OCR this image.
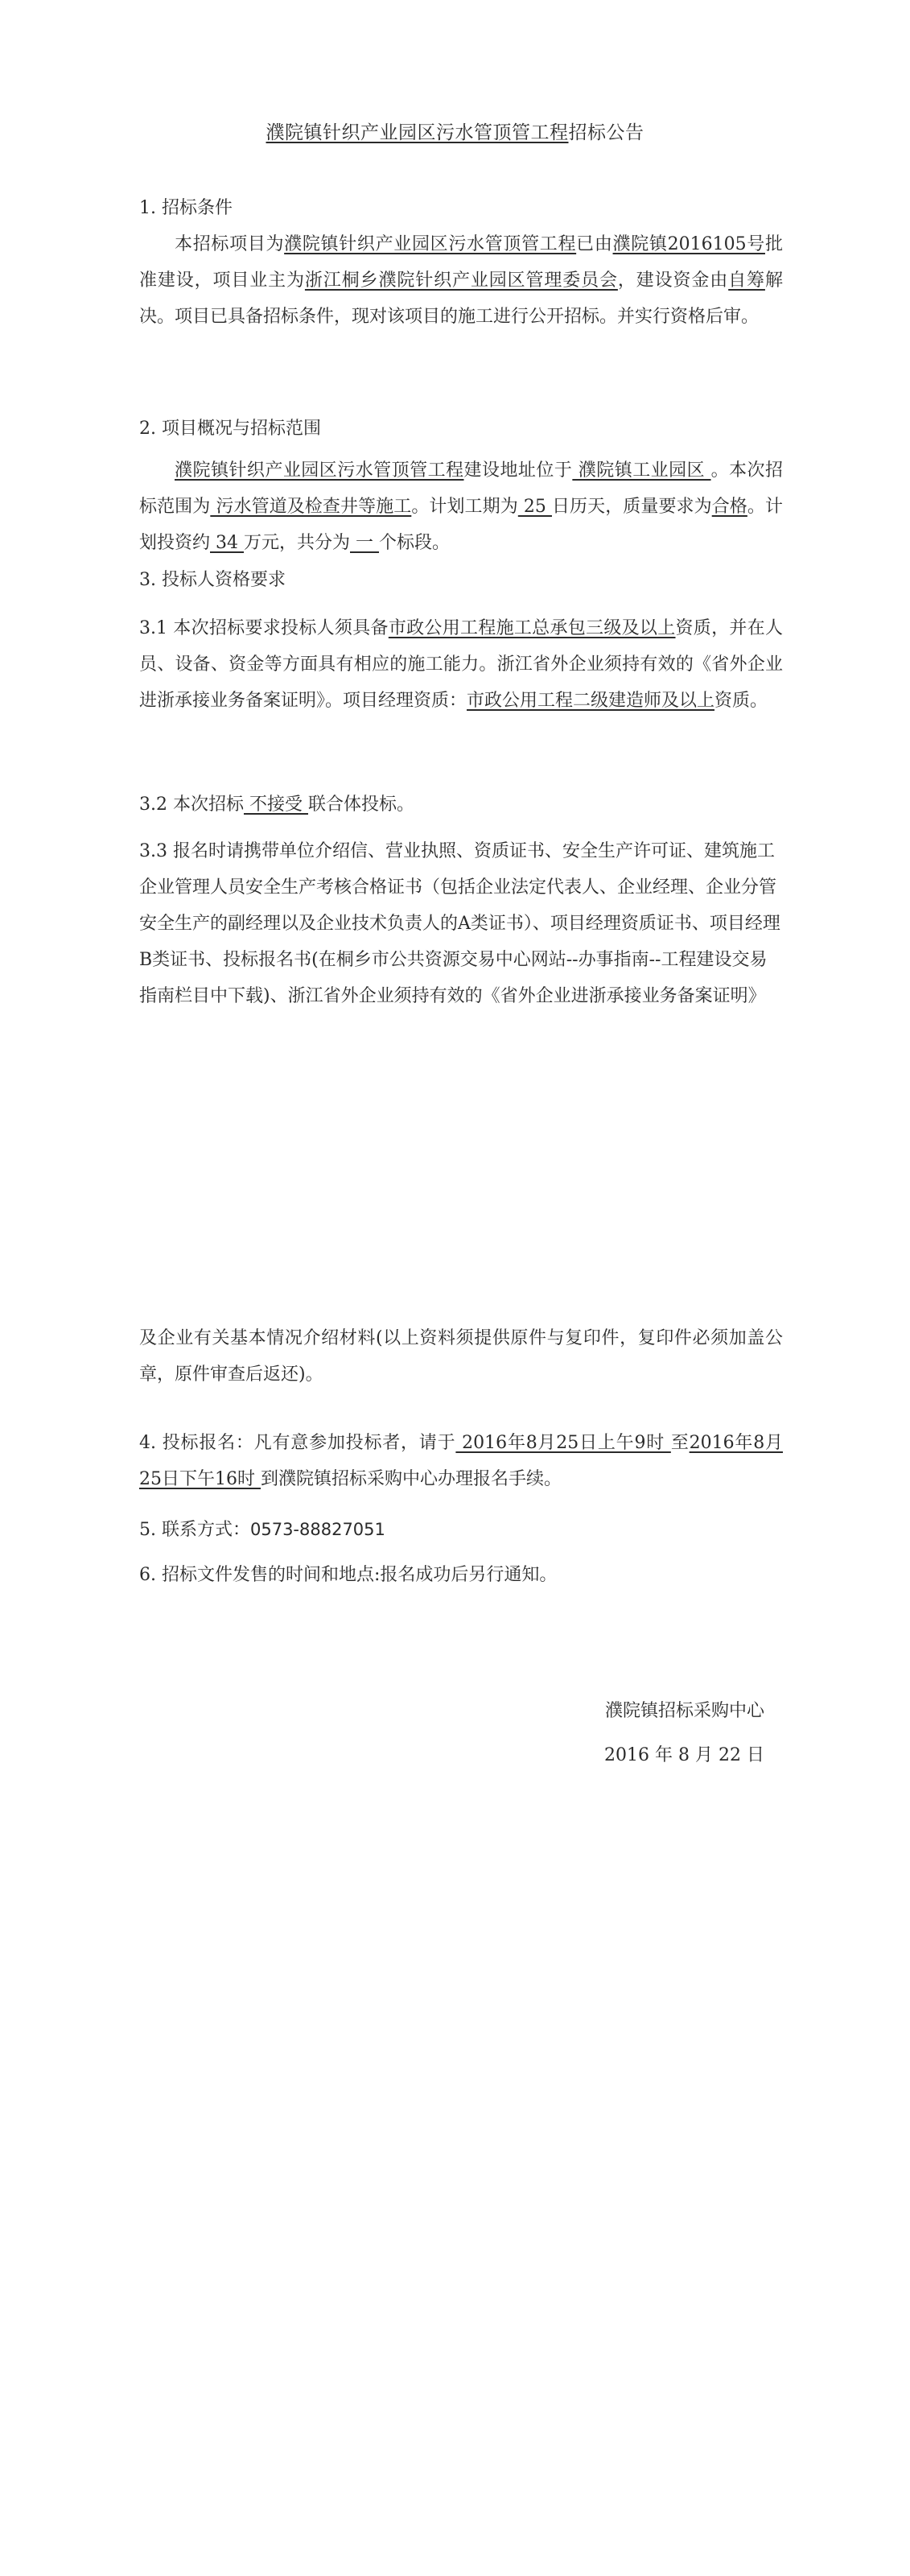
濮院镇针织产业园区污水管顶管工程招标公告
1. 招标条件
本招标项目为濮院镇针织产业园区污水管顶管工程已由濮院镇2016105号批准建设，项目业主为浙江桐乡濮院针织产业园区管理委员会，建设资金由自筹解决。项目已具备招标条件，现对该项目的施工进行公开招标。并实行资格后审。
2. 项目概况与招标范围
濮院镇针织产业园区污水管顶管工程建设地址位于 濮院镇工业园区 。本次招标范围为 污水管道及检查井等施工。计划工期为 25 日历天，质量要求为合格。计划投资约 34 万元，共分为 一 个标段。
3. 投标人资格要求
3.1 本次招标要求投标人须具备市政公用工程施工总承包三级及以上资质，并在人员、设备、资金等方面具有相应的施工能力。浙江省外企业须持有效的《省外企业进浙承接业务备案证明》。项目经理资质：市政公用工程二级建造师及以上资质。
3.2 本次招标 不接受 联合体投标。
3.3 报名时请携带单位介绍信、营业执照、资质证书、安全生产许可证、建筑施工企业管理人员安全生产考核合格证书（包括企业法定代表人、企业经理、企业分管安全生产的副经理以及企业技术负责人的A类证书）、项目经理资质证书、项目经理B类证书、投标报名书(在桐乡市公共资源交易中心网站--办事指南--工程建设交易指南栏目中下载)、浙江省外企业须持有效的《省外企业进浙承接业务备案证明》
及企业有关基本情况介绍材料(以上资料须提供原件与复印件，复印件必须加盖公章，原件审查后返还)。
4. 投标报名：凡有意参加投标者，请于 2016年8月25日上午9时 至2016年8月25日下午16时 到濮院镇招标采购中心办理报名手续。
5. 联系方式：0573-88827051
6. 招标文件发售的时间和地点:报名成功后另行通知。
濮院镇招标采购中心
2016 年 8 月 22 日
